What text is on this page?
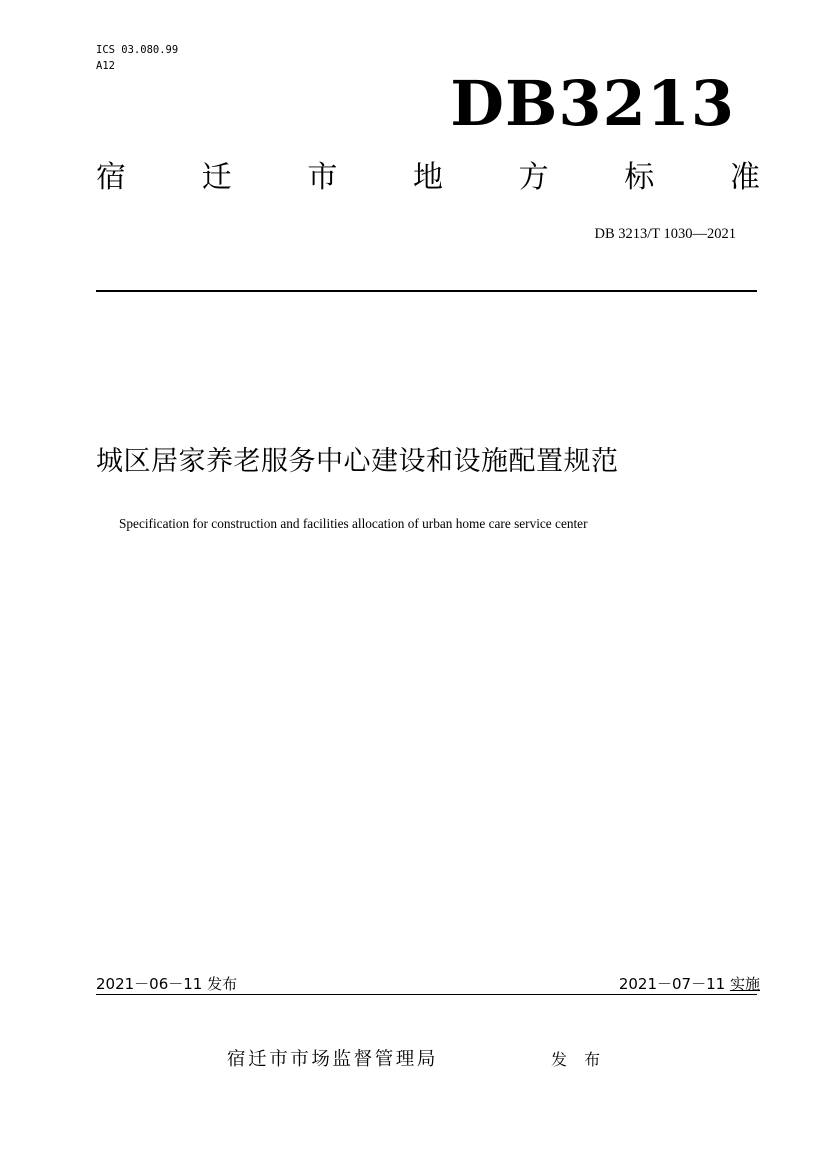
ICS 03.080.99
A12
DB3213
宿	迁	市	地	方	标	准
DB 3213/T 1030—2021
城区居家养老服务中心建设和设施配置规范
Specification for construction and facilities allocation of urban home care service center
2021－06－11 发布	2021－07－11 实施
宿迁市市场监督管理局	发 布
